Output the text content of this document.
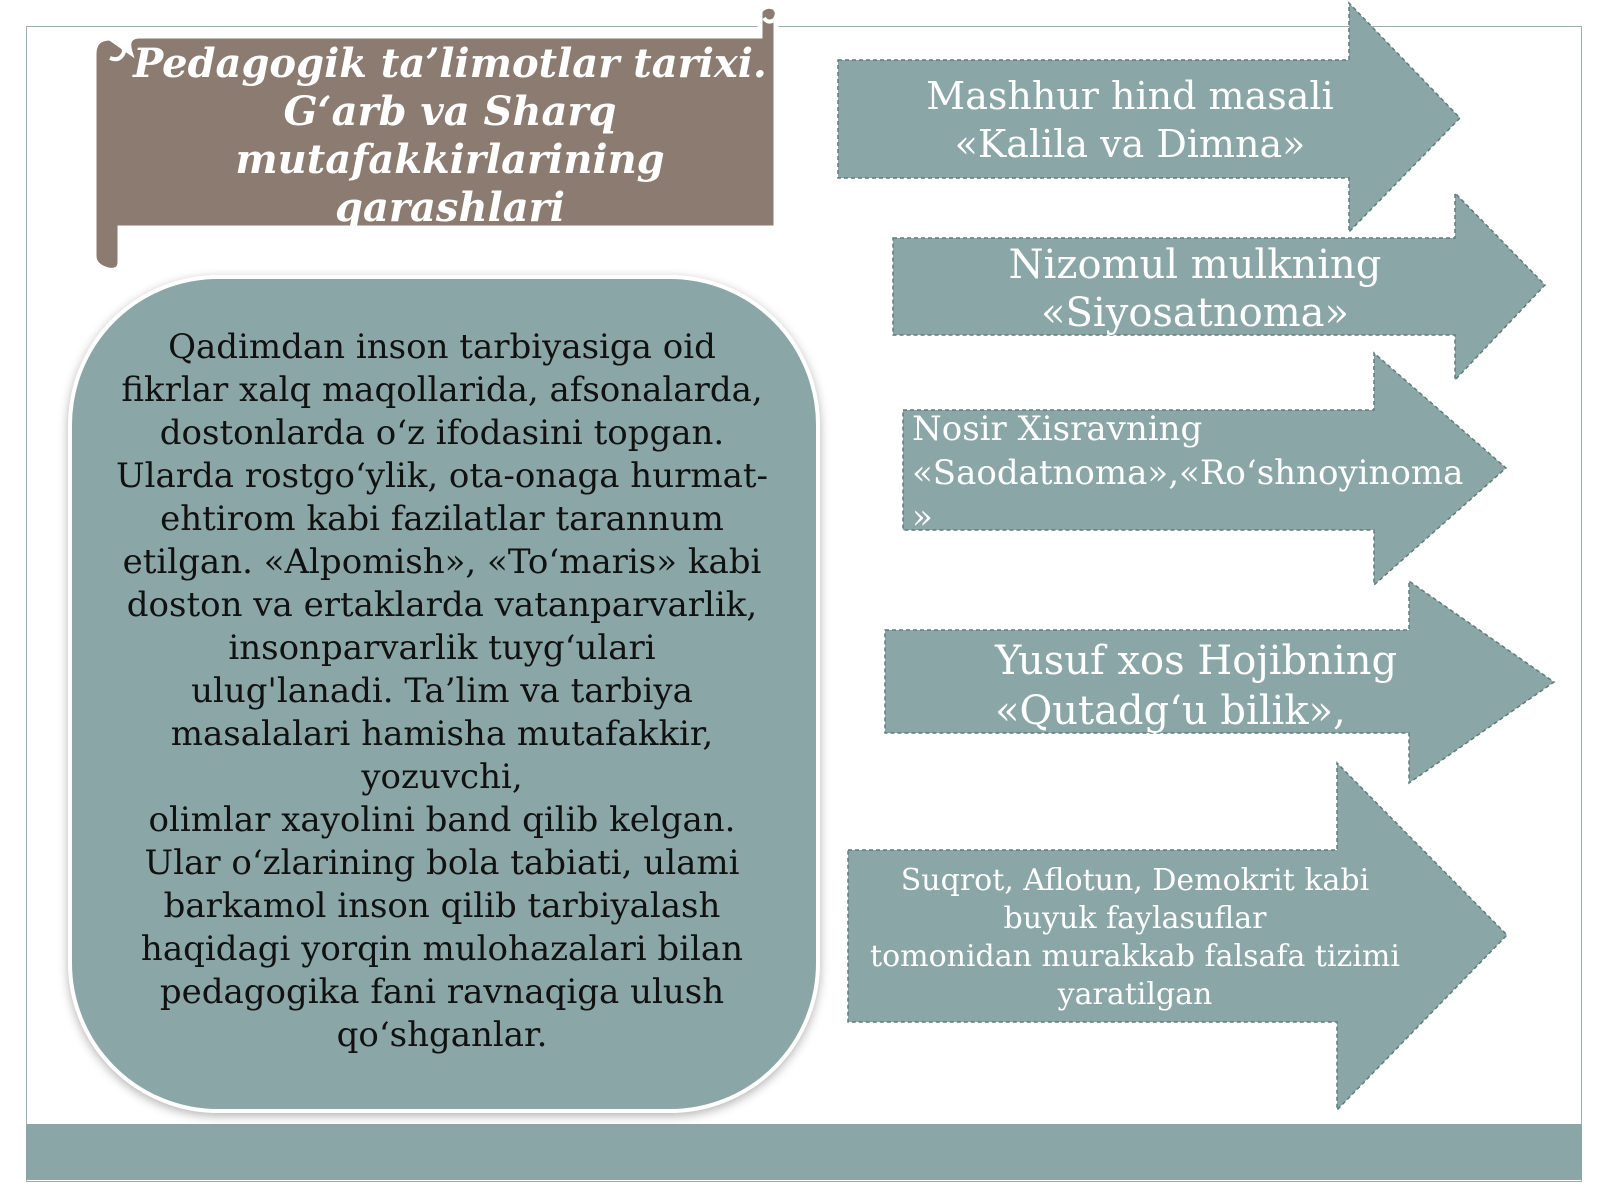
Pedagogik ta’limotlar tarixi.
G‘arb va Sharq
mutafakkirlarining
qarashlari

Qadimdan inson tarbiyasiga oid
fikrlar xalq maqollarida, afsonalarda,
dostonlarda o‘z ifodasini topgan.
Ularda rostgo‘ylik, ota-onaga hurmat-
ehtirom kabi fazilatlar tarannum
etilgan. «Alpomish», «To‘maris» kabi
doston va ertaklarda vatanparvarlik,
insonparvarlik tuyg‘ulari
ulug'lanadi. Ta’lim va tarbiya
masalalari hamisha mutafakkir,
yozuvchi,
olimlar xayolini band qilib kelgan.
Ular o‘zlarining bola tabiati, ulami
barkamol inson qilib tarbiyalash
haqidagi yorqin mulohazalari bilan
pedagogika fani ravnaqiga ulush
qo‘shganlar.

Mashhur hind masali
«Kalila va Dimna»

Nizomul mulkning
«Siyosatnoma»

Nosir Xisravning
«Saodatnoma»,«Ro‘shnoyinoma
»

Yusuf xos Hojibning
«Qutadg‘u bilik»,

Suqrot, Aflotun, Demokrit kabi
buyuk faylasuflar
tomonidan murakkab falsafa tizimi
yaratilgan
